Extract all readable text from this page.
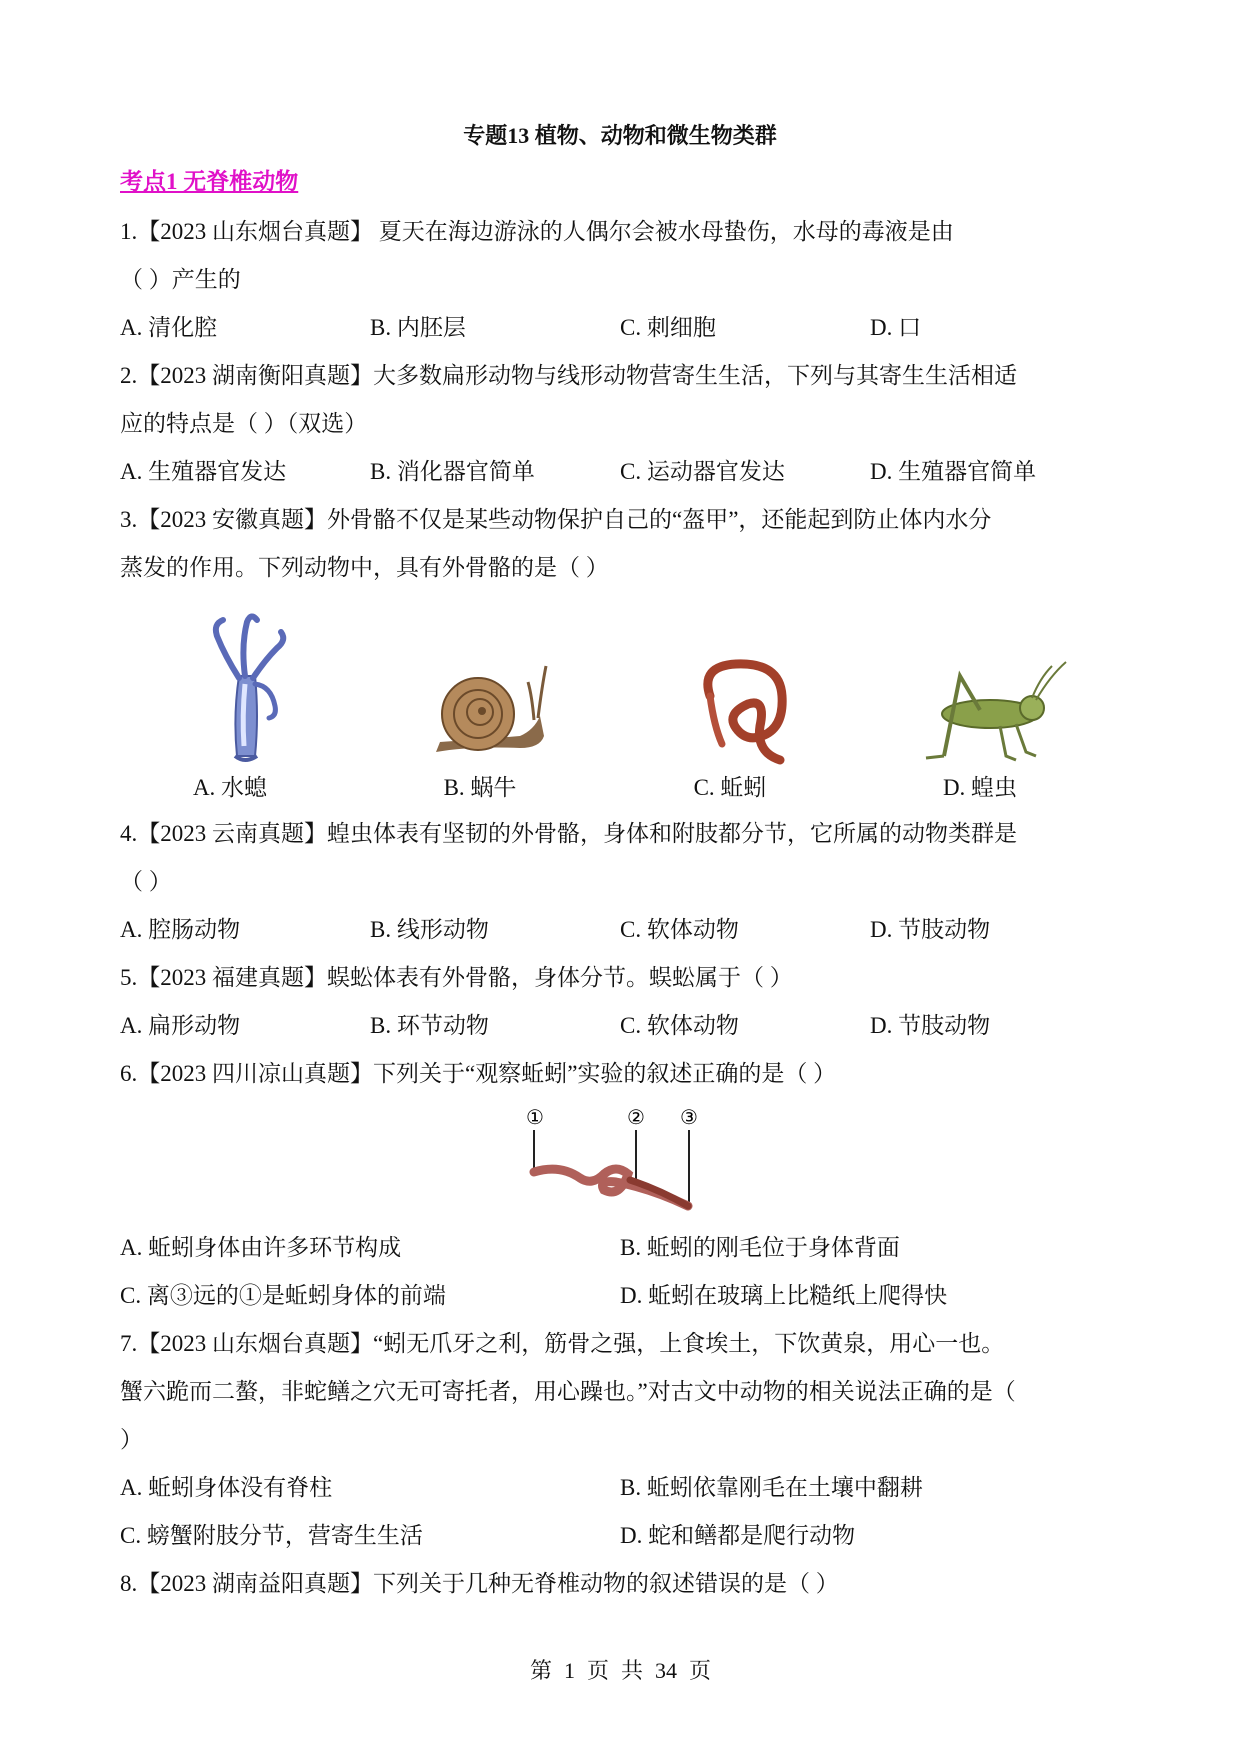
专题13 植物、动物和微生物类群
考点1 无脊椎动物
1.【2023 山东烟台真题】 夏天在海边游泳的人偶尔会被水母蛰伤，水母的毒液是由
（ ）产生的
A. 清化腔	B. 内胚层	C. 刺细胞	D. 口
2.【2023 湖南衡阳真题】大多数扁形动物与线形动物营寄生生活，下列与其寄生生活相适
应的特点是（ ）（双选）
A. 生殖器官发达	B. 消化器官简单	C. 运动器官发达	D. 生殖器官简单
3.【2023 安徽真题】外骨骼不仅是某些动物保护自己的“盔甲”，还能起到防止体内水分
蒸发的作用。下列动物中，具有外骨骼的是（ ）
A. 水螅	B. 蜗牛	C. 蚯蚓	D. 蝗虫
4.【2023 云南真题】蝗虫体表有坚韧的外骨骼，身体和附肢都分节，它所属的动物类群是
（ ）
A. 腔肠动物	B. 线形动物	C. 软体动物	D. 节肢动物
5.【2023 福建真题】蜈蚣体表有外骨骼，身体分节。蜈蚣属于（ ）
A. 扁形动物	B. 环节动物	C. 软体动物	D. 节肢动物
6.【2023 四川凉山真题】下列关于“观察蚯蚓”实验的叙述正确的是（ ）
①	② ③
A. 蚯蚓身体由许多环节构成	B. 蚯蚓的刚毛位于身体背面
C. 离③远的①是蚯蚓身体的前端	D. 蚯蚓在玻璃上比糙纸上爬得快
7.【2023 山东烟台真题】“蚓无爪牙之利，筋骨之强，上食埃土，下饮黄泉，用心一也。
蟹六跪而二螯，非蛇鳝之穴无可寄托者，用心躁也。”对古文中动物的相关说法正确的是（
）
A. 蚯蚓身体没有脊柱	B. 蚯蚓依靠刚毛在土壤中翻耕
C. 螃蟹附肢分节，营寄生生活	D. 蛇和鳝都是爬行动物
8.【2023 湖南益阳真题】下列关于几种无脊椎动物的叙述错误的是（ ）
第 1 页 共 34 页
